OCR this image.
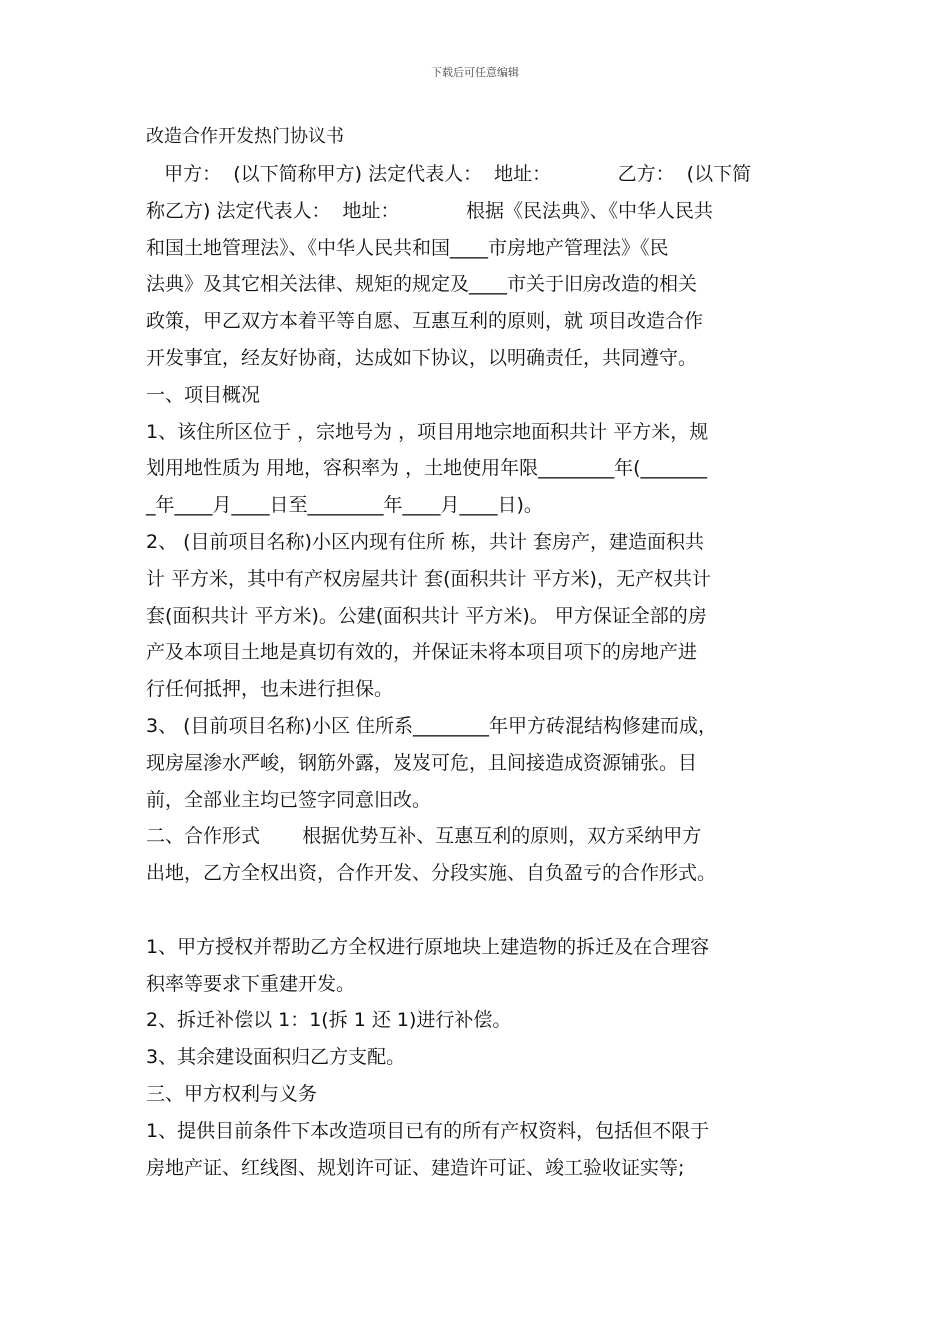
下载后可任意编辑
改造合作开发热门协议书
甲方：  (以下简称甲方) 法定代表人：  地址：           乙方：  (以下简
称乙方) 法定代表人：  地址：           根据《民法典》、《中华人民共
和国土地管理法》、《中华人民共和国____市房地产管理法》《民
法典》及其它相关法律、规矩的规定及____市关于旧房改造的相关
政策，甲乙双方本着平等自愿、互惠互利的原则，就 项目改造合作
开发事宜，经友好协商，达成如下协议，以明确责任，共同遵守。
一、项目概况
1、该住所区位于 ，宗地号为 ，项目用地宗地面积共计 平方米，规
划用地性质为 用地，容积率为 ，土地使用年限________年(_______
_年____月____日至________年____月____日)。
2、 (目前项目名称)小区内现有住所 栋，共计 套房产，建造面积共
计 平方米，其中有产权房屋共计 套(面积共计 平方米)，无产权共计
套(面积共计 平方米)。公建(面积共计 平方米)。 甲方保证全部的房
产及本项目土地是真切有效的，并保证未将本项目项下的房地产进
行任何抵押，也未进行担保。
3、 (目前项目名称)小区 住所系________年甲方砖混结构修建而成，
现房屋渗水严峻，钢筋外露，岌岌可危，且间接造成资源铺张。目
前，全部业主均已签字同意旧改。
二、合作形式       根据优势互补、互惠互利的原则，双方采纳甲方
出地，乙方全权出资，合作开发、分段实施、自负盈亏的合作形式。
1、甲方授权并帮助乙方全权进行原地块上建造物的拆迁及在合理容
积率等要求下重建开发。
2、拆迁补偿以 1：1(拆 1 还 1)进行补偿。
3、其余建设面积归乙方支配。
三、甲方权利与义务
1、提供目前条件下本改造项目已有的所有产权资料，包括但不限于
房地产证、红线图、规划许可证、建造许可证、竣工验收证实等;
